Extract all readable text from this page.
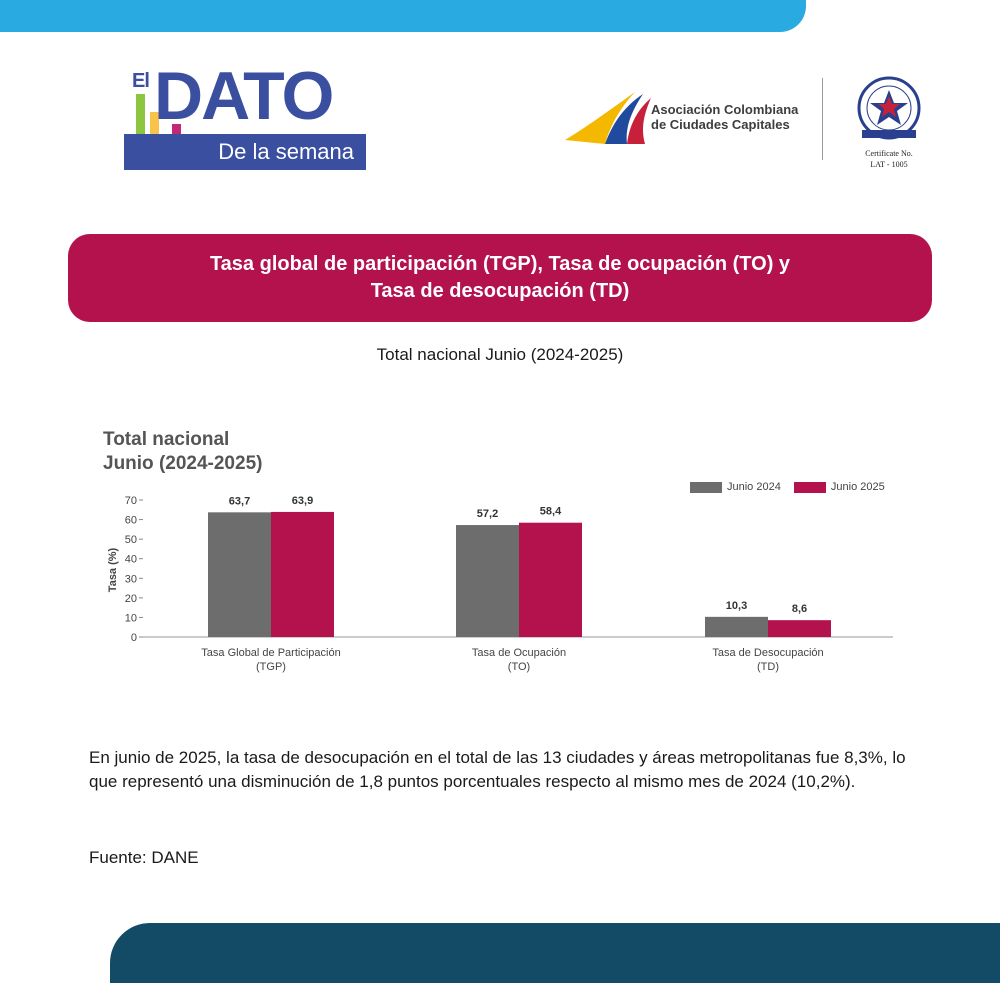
El DATO
De la semana
Asociación Colombiana
de Ciudades Capitales
Certificate No.
LAT - 1005
Tasa global de participación (TGP), Tasa de ocupación (TO) y
Tasa de desocupación (TD)
Total nacional Junio (2024-2025)
Total nacional
Junio (2024-2025)
Junio 2024
	Junio 2025
0
10
20
30
40
50
60
70
Tasa (%)
63,7	63,9
Tasa Global de Participación
(TGP)
57,2	58,4
Tasa de Ocupación
(TO)
10,3	8,6
Tasa de Desocupación
(TD)
En junio de 2025, la tasa de desocupación en el total de las 13 ciudades y áreas metropolitanas fue 8,3%, lo que representó una disminución de 1,8 puntos porcentuales respecto al mismo mes de 2024 (10,2%).
Fuente: DANE
